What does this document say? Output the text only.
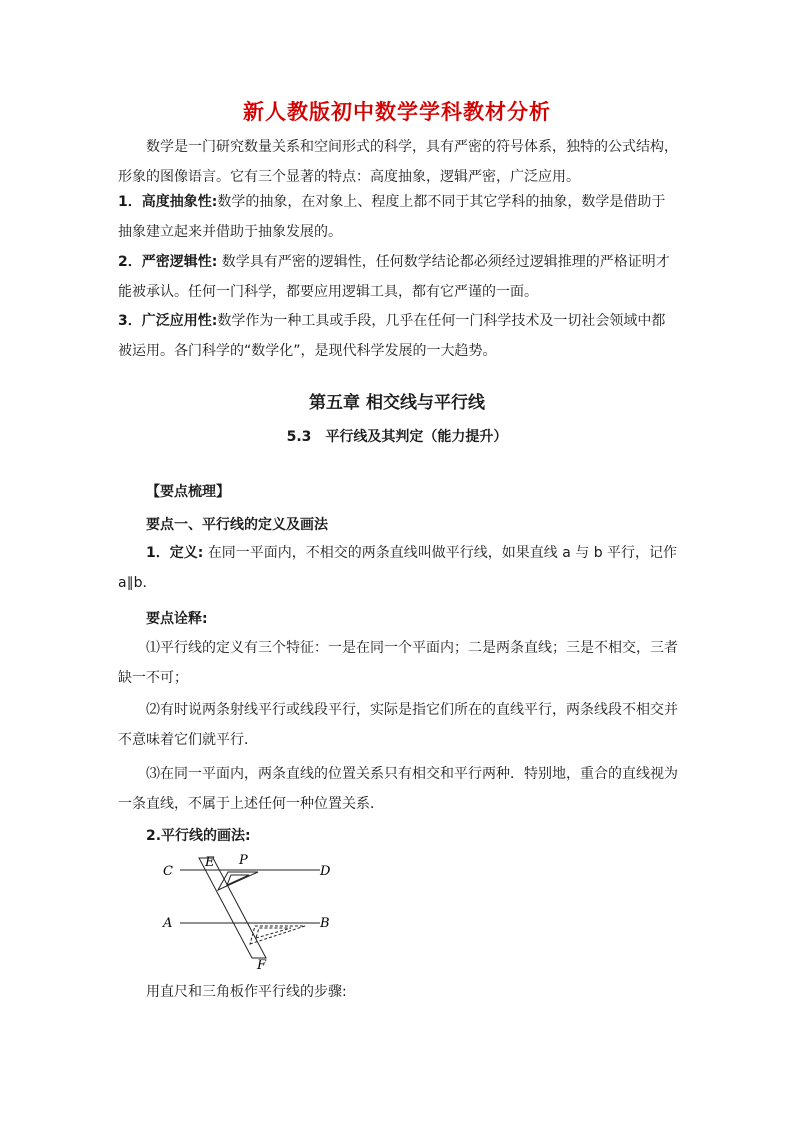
新人教版初中数学学科教材分析
数学是一门研究数量关系和空间形式的科学，具有严密的符号体系，独特的公式结构，形象的图像语言。它有三个显著的特点：高度抽象，逻辑严密，广泛应用。
1．高度抽象性:数学的抽象，在对象上、程度上都不同于其它学科的抽象，数学是借助于抽象建立起来并借助于抽象发展的。
2．严密逻辑性: 数学具有严密的逻辑性，任何数学结论都必须经过逻辑推理的严格证明才能被承认。任何一门科学，都要应用逻辑工具，都有它严谨的一面。
3．广泛应用性:数学作为一种工具或手段，几乎在任何一门科学技术及一切社会领域中都被运用。各门科学的“数学化”，是现代科学发展的一大趋势。
第五章 相交线与平行线
5.3　平行线及其判定（能力提升）
【要点梳理】
要点一、平行线的定义及画法
1．定义: 在同一平面内，不相交的两条直线叫做平行线，如果直线 a 与 b 平行，记作 a∥b．
要点诠释:
⑴平行线的定义有三个特征：一是在同一个平面内；二是两条直线；三是不相交，三者缺一不可；
⑵有时说两条射线平行或线段平行，实际是指它们所在的直线平行，两条线段不相交并不意味着它们就平行．
⑶在同一平面内，两条直线的位置关系只有相交和平行两种．特别地，重合的直线视为一条直线，不属于上述任何一种位置关系．
2.平行线的画法:
C	D
E P
A	B
F
用直尺和三角板作平行线的步骤:
